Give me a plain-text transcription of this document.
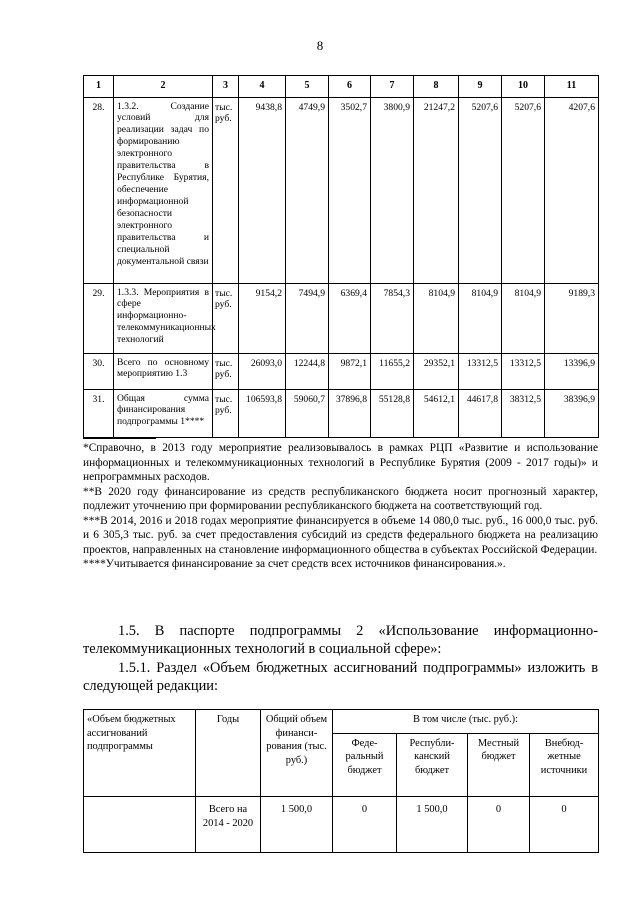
8
1	2	3	4	5	6	7	8	9	10	11
28.	1.3.2. Создание условий для реализации задач по формированию электронного правительства в Республике Бурятия, обеспечение информационной безопасности электронного правительства и специальной документальной связи	тыс. руб.	9438,8	4749,9	3502,7	3800,9	21247,2	5207,6	5207,6	4207,6
29.	1.3.3. Мероприятия в сфере информационно-телекоммуникационных технологий	тыс. руб.	9154,2	7494,9	6369,4	7854,3	8104,9	8104,9	8104,9	9189,3
30.	Всего по основному мероприятию 1.3	тыс. руб.	26093,0	12244,8	9872,1	11655,2	29352,1	13312,5	13312,5	13396,9
31.	Общая сумма финансирования подпрограммы 1****	тыс. руб.	106593,8	59060,7	37896,8	55128,8	54612,1	44617,8	38312,5	38396,9

*Справочно, в 2013 году мероприятие реализовывалось в рамках РЦП «Развитие и использование информационных и телекоммуникационных технологий в Республике Бурятия (2009 - 2017 годы)» и непрограммных расходов.

**В 2020 году финансирование из средств республиканского бюджета носит прогнозный характер, подлежит уточнению при формировании республиканского бюджета на соответствующий год.

***В 2014, 2016 и 2018 годах мероприятие финансируется в объеме 14 080,0 тыс. руб., 16 000,0 тыс. руб. и 6 305,3 тыс. руб. за счет предоставления субсидий из средств федерального бюджета на реализацию проектов, направленных на становление информационного общества в субъектах Российской Федерации.

****Учитывается финансирование за счет средств всех источников финансирования.».

1.5. В паспорте подпрограммы 2 «Использование информационно-телекоммуникационных технологий в социальной сфере»:

1.5.1. Раздел «Объем бюджетных ассигнований подпрограммы» изложить в следующей редакции:

«Объем бюджетных ассигнований подпрограммы	Годы	Общий объем финанси-рования (тыс. руб.)	В том числе (тыс. руб.):			
			Феде-ральный бюджет	Республи-канский бюджет	Местный бюджет	Внебюд-жетные источники
	Всего на 2014 - 2020	1 500,0	0	1 500,0	0	0
